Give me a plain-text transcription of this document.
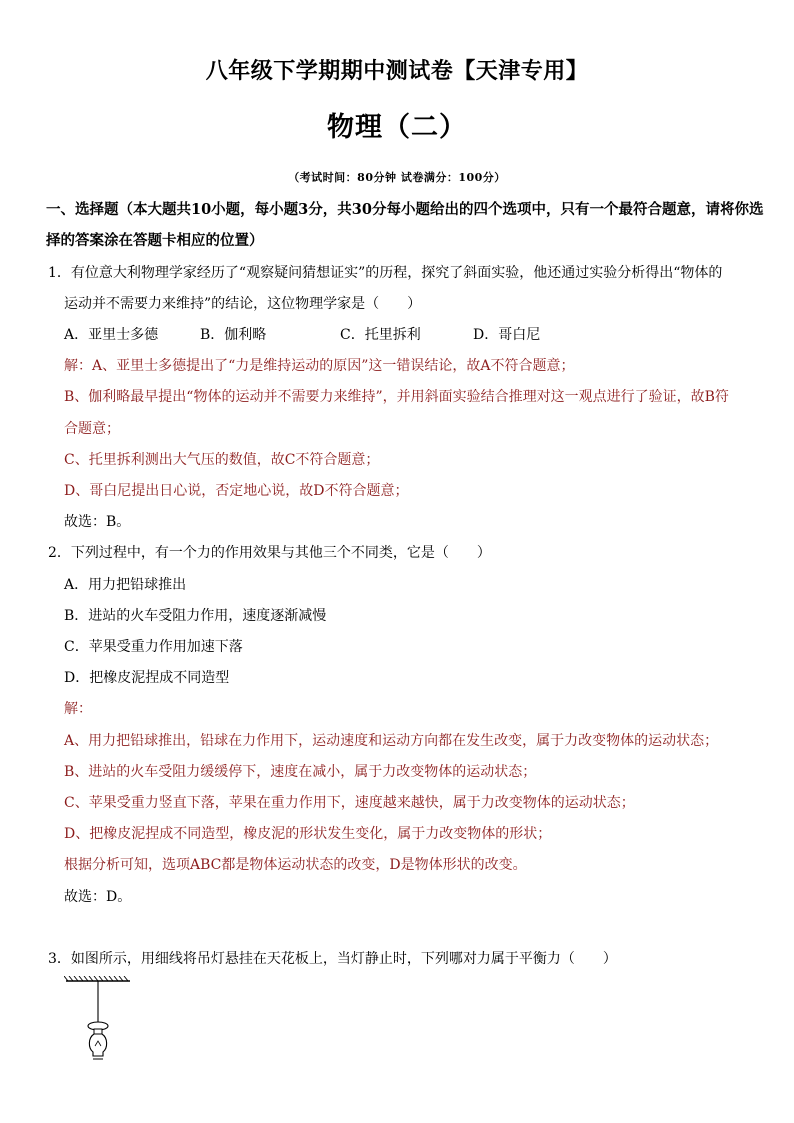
八年级下学期期中测试卷【天津专用】
物理（二）
（考试时间：80分钟 试卷满分：100分）
一、选择题（本大题共10小题，每小题3分，共30分每小题给出的四个选项中，只有一个最符合题意，请将你选
择的答案涂在答题卡相应的位置）
1．有位意大利物理学家经历了“观察疑问猜想证实”的历程，探究了斜面实验，他还通过实验分析得出“物体的
运动并不需要力来维持”的结论，这位物理学家是（　　）
A．亚里士多德	B．伽利略	C．托里拆利	D．哥白尼
解：A、亚里士多德提出了“力是维持运动的原因”这一错误结论，故A不符合题意；
B、伽利略最早提出“物体的运动并不需要力来维持”，并用斜面实验结合推理对这一观点进行了验证，故B符
合题意；
C、托里拆利测出大气压的数值，故C不符合题意；
D、哥白尼提出日心说，否定地心说，故D不符合题意；
故选：B。
2．下列过程中，有一个力的作用效果与其他三个不同类，它是（　　）
A．用力把铅球推出
B．进站的火车受阻力作用，速度逐渐减慢
C．苹果受重力作用加速下落
D．把橡皮泥捏成不同造型
解：
A、用力把铅球推出，铅球在力作用下，运动速度和运动方向都在发生改变，属于力改变物体的运动状态；
B、进站的火车受阻力缓缓停下，速度在减小，属于力改变物体的运动状态；
C、苹果受重力竖直下落，苹果在重力作用下，速度越来越快，属于力改变物体的运动状态；
D、把橡皮泥捏成不同造型，橡皮泥的形状发生变化，属于力改变物体的形状；
根据分析可知，选项ABC都是物体运动状态的改变，D是物体形状的改变。
故选：D。
3．如图所示，用细线将吊灯悬挂在天花板上，当灯静止时，下列哪对力属于平衡力（　　）
